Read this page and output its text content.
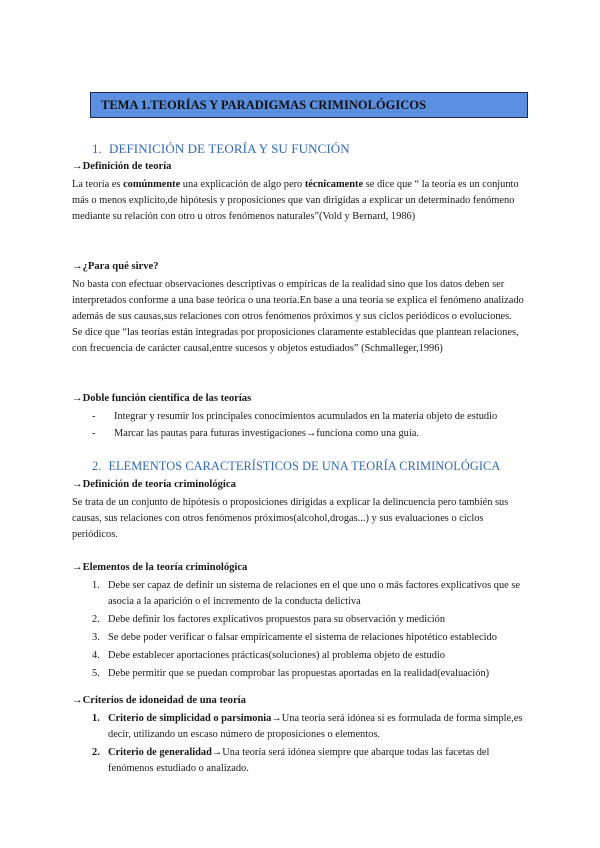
TEMA 1.TEORÍAS Y PARADIGMAS CRIMINOLÓGICOS
1. DEFINICIÓN DE TEORÍA Y SU FUNCIÓN
→Definición de teoría

La teoría es comúnmente una explicación de algo pero técnicamente se dice que “ la teoría es un conjunto más o menos explícito,de hipótesis y proposiciones que van dirigidas a explicar un determinado fenómeno mediante su relación con otro u otros fenómenos naturales”(Vold y Bernard, 1986)

→¿Para qué sirve?

No basta con efectuar observaciones descriptivas o empíricas de la realidad sino que los datos deben ser interpretados conforme a una base teórica o una teoría.En base a una teoría se explica el fenómeno analizado además de sus causas,sus relaciones con otros fenómenos próximos y sus ciclos periódicos o evoluciones.

Se dice que “las teorías están integradas por proposiciones claramente establecidas que plantean relaciones, con frecuencia de carácter causal,entre sucesos y objetos estudiados” (Schmalleger,1996)

→Doble función científica de las teorías
- Integrar y resumir los principales conocimientos acumulados en la materia objeto de estudio
- Marcar las pautas para futuras investigaciones→funciona como una guía.
2. ELEMENTOS CARACTERÍSTICOS DE UNA TEORÍA CRIMINOLÓGICA
→Definición de teoría criminológica

Se trata de un conjunto de hipótesis o proposiciones dirigidas a explicar la delincuencia pero también sus causas, sus relaciones con otros fenómenos próximos(alcohol,drogas...) y sus evaluaciones o ciclos periódicos.

→Elementos de la teoría criminológica
1. Debe ser capaz de definir un sistema de relaciones en el que uno o más factores explicativos que se asocia a la aparición o el incremento de la conducta delictiva
2. Debe definir los factores explicativos propuestos para su observación y medición
3. Se debe poder verificar o falsar empíricamente el sistema de relaciones hipotético establecido
4. Debe establecer aportaciones prácticas(soluciones) al problema objeto de estudio
5. Debe permitir que se puedan comprobar las propuestas aportadas en la realidad(evaluación)
→Criterios de idoneidad de una teoría
1. Criterio de simplicidad o parsimonia→Una teoría será idónea si es formulada de forma simple,es decir, utilizando un escaso número de proposiciones o elementos.
2. Criterio de generalidad→Una teoría será idónea siempre que abarque todas las facetas del fenómenos estudiado o analizado.
